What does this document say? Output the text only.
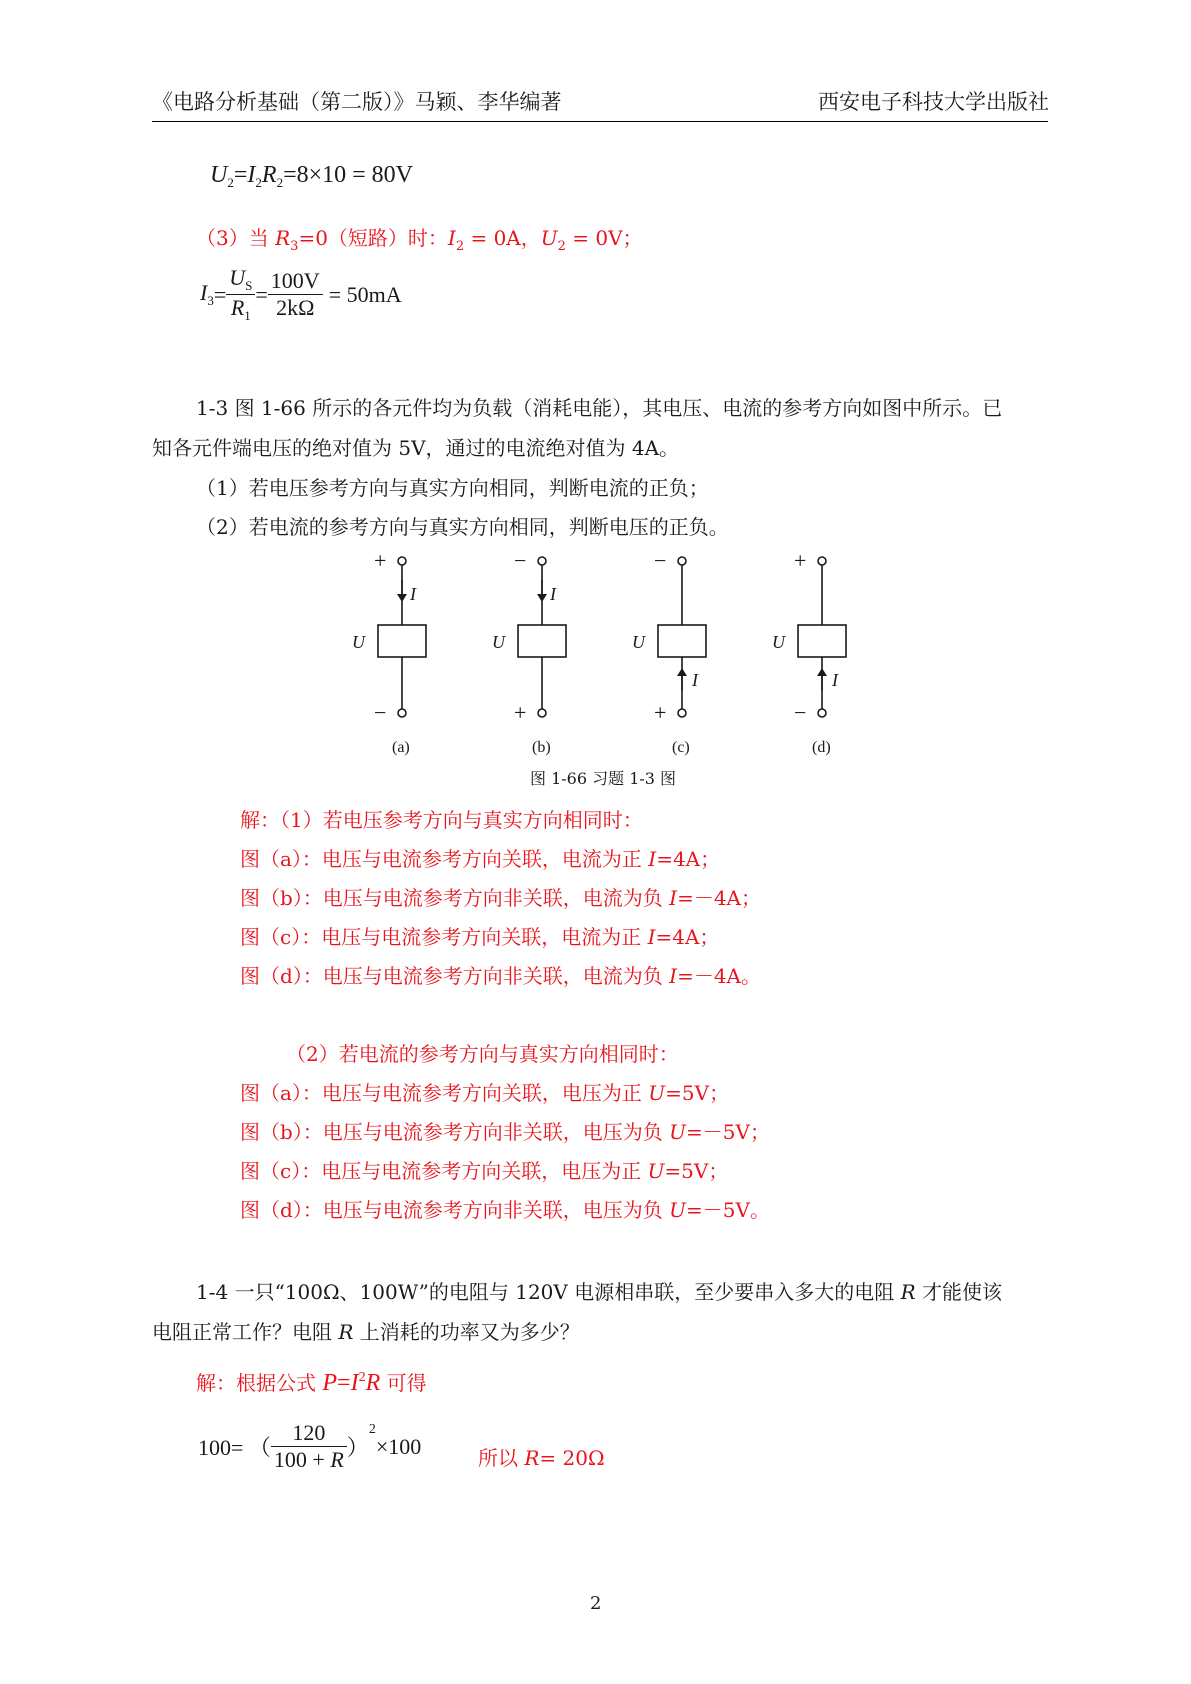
《电路分析基础（第二版）》马颖、李华编著	西安电子科技大学出版社
$U_2=I_2R_2=8\times 10 = 80V$
（3）当 $R_3=0$（短路）时：$I_2 = 0A$，$U_2 = 0V$；
$I_3 = \frac{U_S}{R_1} = \frac{100V}{2k\Omega} = 50mA$
1-3 图 1-66 所示的各元件均为负载（消耗电能），其电压、电流的参考方向如图中所示。已
知各元件端电压的绝对值为 5V，通过的电流绝对值为 4A。
（1）若电压参考方向与真实方向相同，判断电流的正负；
（2）若电流的参考方向与真实方向相同，判断电压的正负。
+
−
I
U
(a)
−
+
I
U
(b)
−
+
I
U
(c)
+
−
I
U
(d)
图 1-66 习题 1-3 图
解：（1）若电压参考方向与真实方向相同时：
图（a）：电压与电流参考方向关联，电流为正 I=4A；
图（b）：电压与电流参考方向非关联，电流为负 I=－4A；
图（c）：电压与电流参考方向关联，电流为正 I=4A；
图（d）：电压与电流参考方向非关联，电流为负 I=－4A。
（2）若电流的参考方向与真实方向相同时：
图（a）：电压与电流参考方向关联，电压为正 U=5V；
图（b）：电压与电流参考方向非关联，电压为负 U=－5V；
图（c）：电压与电流参考方向关联，电压为正 U=5V；
图（d）：电压与电流参考方向非关联，电压为负 U=－5V。
1-4 一只“100Ω、100W”的电阻与 120V 电源相串联，至少要串入多大的电阻 R 才能使该
电阻正常工作？电阻 R 上消耗的功率又为多少？
解：根据公式 $P=I^2R$ 可得
100= （ $\frac{120}{100 + R}$ ）
$^2$
×100	所以 R= 20Ω
2
